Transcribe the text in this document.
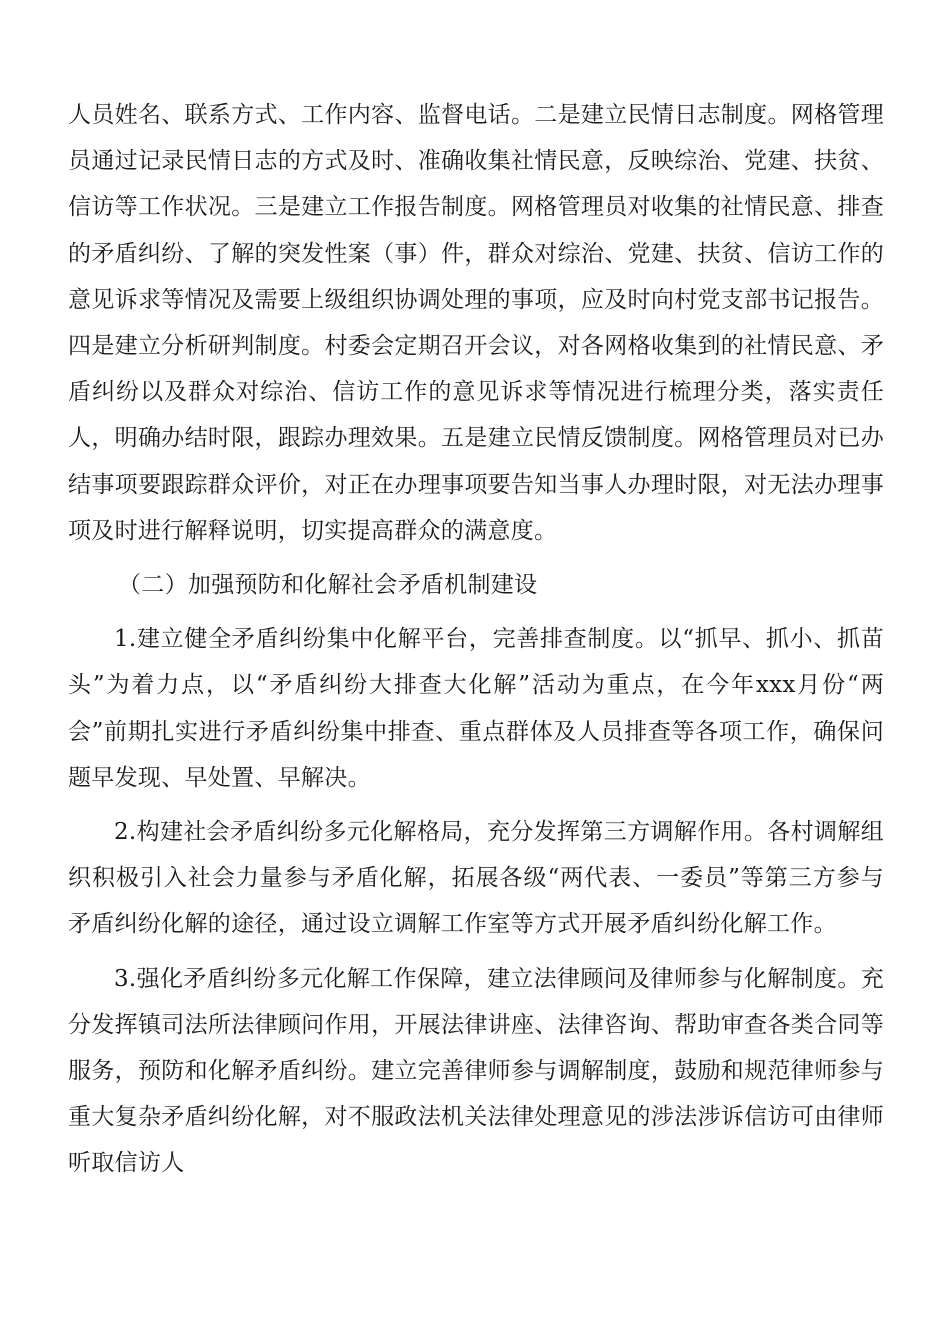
人员姓名、联系方式、工作内容、监督电话。二是建立民情日志制度。网格管理员通过记录民情日志的方式及时、准确收集社情民意，反映综治、党建、扶贫、信访等工作状况。三是建立工作报告制度。网格管理员对收集的社情民意、排查的矛盾纠纷、了解的突发性案（事）件，群众对综治、党建、扶贫、信访工作的意见诉求等情况及需要上级组织协调处理的事项，应及时向村党支部书记报告。四是建立分析研判制度。村委会定期召开会议，对各网格收集到的社情民意、矛盾纠纷以及群众对综治、信访工作的意见诉求等情况进行梳理分类，落实责任人，明确办结时限，跟踪办理效果。五是建立民情反馈制度。网格管理员对已办结事项要跟踪群众评价，对正在办理事项要告知当事人办理时限，对无法办理事项及时进行解释说明，切实提高群众的满意度。

（二）加强预防和化解社会矛盾机制建设

1.建立健全矛盾纠纷集中化解平台，完善排查制度。以“抓早、抓小、抓苗头”为着力点，以“矛盾纠纷大排查大化解”活动为重点，在今年xxx月份“两会”前期扎实进行矛盾纠纷集中排查、重点群体及人员排查等各项工作，确保问题早发现、早处置、早解决。

2.构建社会矛盾纠纷多元化解格局，充分发挥第三方调解作用。各村调解组织积极引入社会力量参与矛盾化解，拓展各级“两代表、一委员”等第三方参与矛盾纠纷化解的途径，通过设立调解工作室等方式开展矛盾纠纷化解工作。

3.强化矛盾纠纷多元化解工作保障，建立法律顾问及律师参与化解制度。充分发挥镇司法所法律顾问作用，开展法律讲座、法律咨询、帮助审查各类合同等服务，预防和化解矛盾纠纷。建立完善律师参与调解制度，鼓励和规范律师参与重大复杂矛盾纠纷化解，对不服政法机关法律处理意见的涉法涉诉信访可由律师听取信访人
